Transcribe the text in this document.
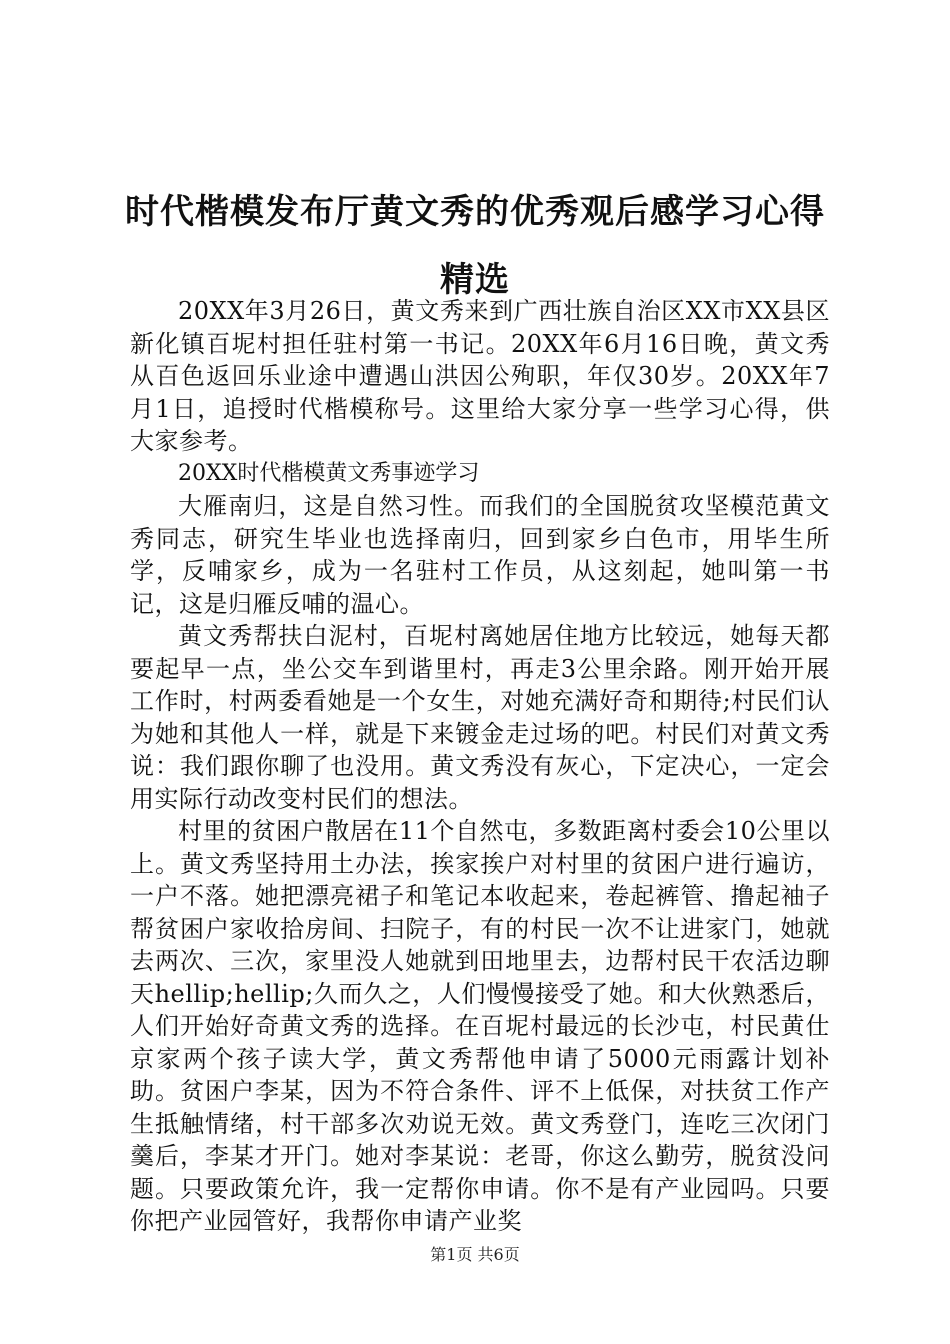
时代楷模发布厅黄文秀的优秀观后感学习心得精选

20XX年3月26日，黄文秀来到广西壮族自治区XX市XX县区新化镇百坭村担任驻村第一书记。20XX年6月16日晚，黄文秀从百色返回乐业途中遭遇山洪因公殉职，年仅30岁。20XX年7月1日，追授时代楷模称号。这里给大家分享一些学习心得，供大家参考。

20XX时代楷模黄文秀事迹学习

大雁南归，这是自然习性。而我们的全国脱贫攻坚模范黄文秀同志，研究生毕业也选择南归，回到家乡白色市，用毕生所学，反哺家乡，成为一名驻村工作员，从这刻起，她叫第一书记，这是归雁反哺的温心。

黄文秀帮扶白泥村，百坭村离她居住地方比较远，她每天都要起早一点，坐公交车到谐里村，再走3公里余路。刚开始开展工作时，村两委看她是一个女生，对她充满好奇和期待;村民们认为她和其他人一样，就是下来镀金走过场的吧。村民们对黄文秀说：我们跟你聊了也没用。黄文秀没有灰心，下定决心，一定会用实际行动改变村民们的想法。

村里的贫困户散居在11个自然屯，多数距离村委会10公里以上。黄文秀坚持用土办法，挨家挨户对村里的贫困户进行遍访，一户不落。她把漂亮裙子和笔记本收起来，卷起裤管、撸起袖子帮贫困户家收拾房间、扫院子，有的村民一次不让进家门，她就去两次、三次，家里没人她就到田地里去，边帮村民干农活边聊天hellip;hellip;久而久之，人们慢慢接受了她。和大伙熟悉后，人们开始好奇黄文秀的选择。在百坭村最远的长沙屯，村民黄仕京家两个孩子读大学，黄文秀帮他申请了5000元雨露计划补助。贫困户李某，因为不符合条件、评不上低保，对扶贫工作产生抵触情绪，村干部多次劝说无效。黄文秀登门，连吃三次闭门羹后，李某才开门。她对李某说：老哥，你这么勤劳，脱贫没问题。只要政策允许，我一定帮你申请。你不是有产业园吗。只要你把产业园管好，我帮你申请产业奖

第1页 共6页
